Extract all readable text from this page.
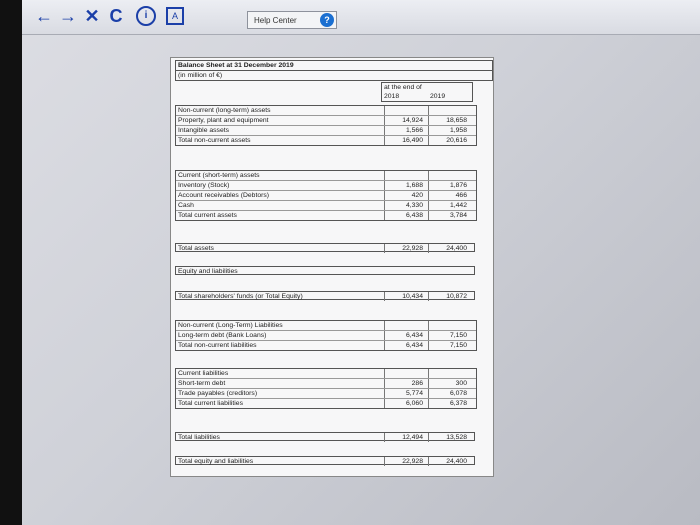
← → ✕ C	i	A	Help Center	?
Balance Sheet at 31 December 2019
(in million of €)
at the end of
2018	2019
Non-current (long-term) assets
Property, plant and equipment	14,924	18,658
Intangible assets	1,566	1,958
Total non-current assets	16,490	20,616
Current (short-term) assets
Inventory (Stock)	1,688	1,876
Account receivables (Debtors)	420	466
Cash	4,330	1,442
Total current assets	6,438	3,784
Total assets	22,928	24,400
Equity and liabilities
Total shareholders' funds (or Total Equity)	10,434	10,872
Non-current (Long-Term) Liabilities
Long-term debt (Bank Loans)	6,434	7,150
Total non-current liabilities	6,434	7,150
Current liabilities
Short-term debt	286	300
Trade payables (creditors)	5,774	6,078
Total current liabilities	6,060	6,378
Total liabilities	12,494	13,528
Total equity and liabilities	22,928	24,400
